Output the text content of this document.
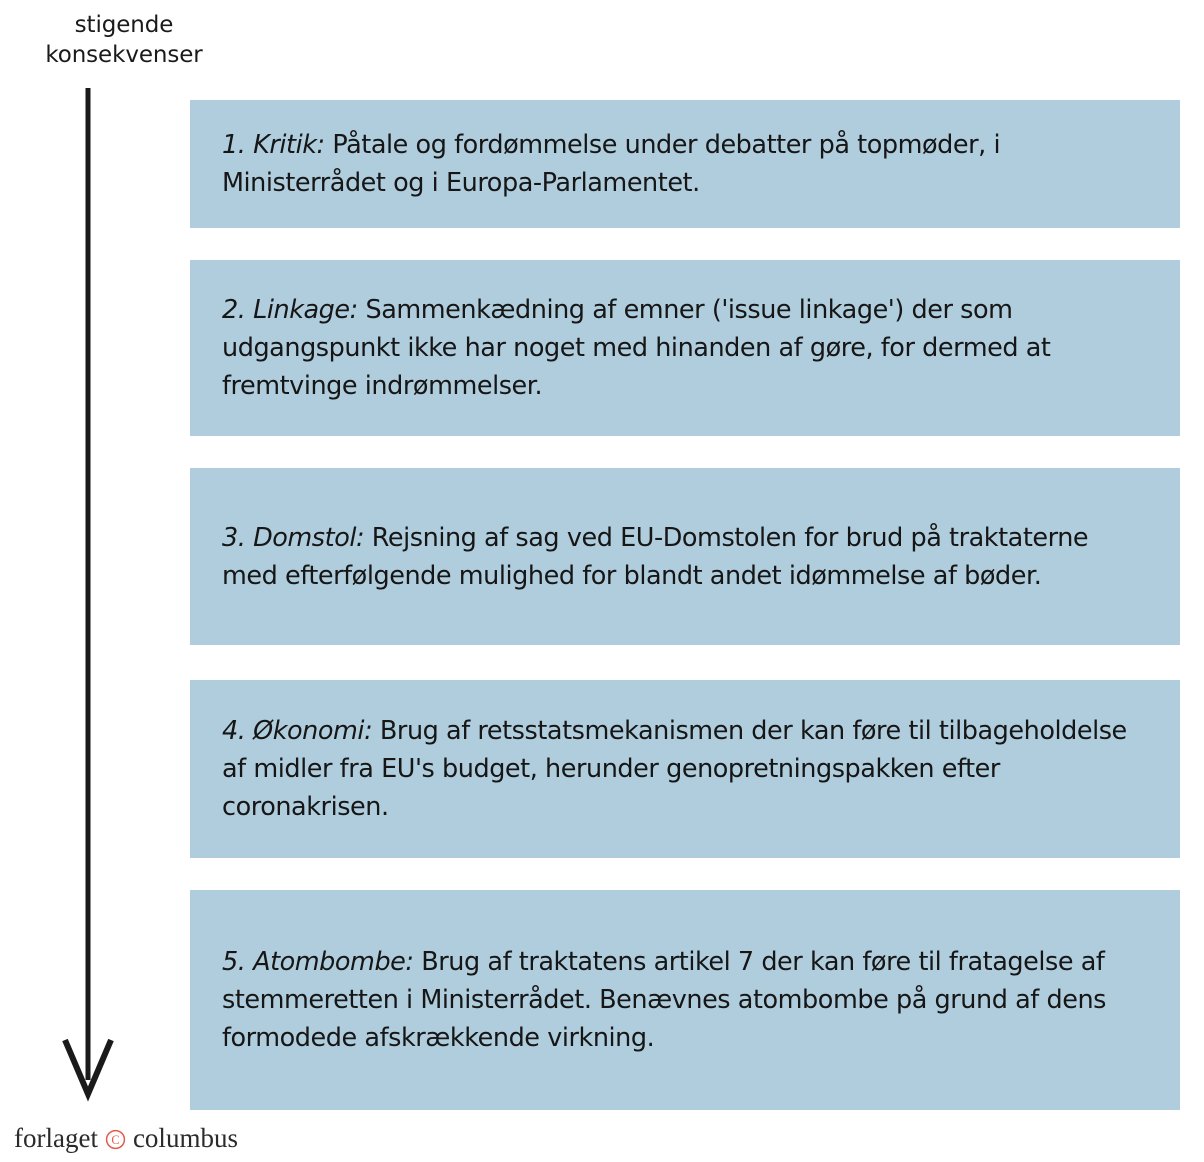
stigende
konsekvenser
1. Kritik: Påtale og fordømmelse under debatter på topmøder, i Ministerrådet og i Europa-Parlamentet.
2. Linkage: Sammenkædning af emner ('issue linkage') der som udgangspunkt ikke har noget med hinanden af gøre, for dermed at fremtvinge indrømmelser.
3. Domstol: Rejsning af sag ved EU-Domstolen for brud på traktaterne med efterfølgende mulighed for blandt andet idømmelse af bøder.
4. Økonomi: Brug af retsstatsmekanismen der kan føre til tilbageholdelse af midler fra EU's budget, herunder genopretningspakken efter coronakrisen.
5. Atombombe: Brug af traktatens artikel 7 der kan føre til fratagelse af stemmeretten i Ministerrådet. Benævnes atombombe på grund af dens formodede afskrækkende virkning.
forlaget C columbus
